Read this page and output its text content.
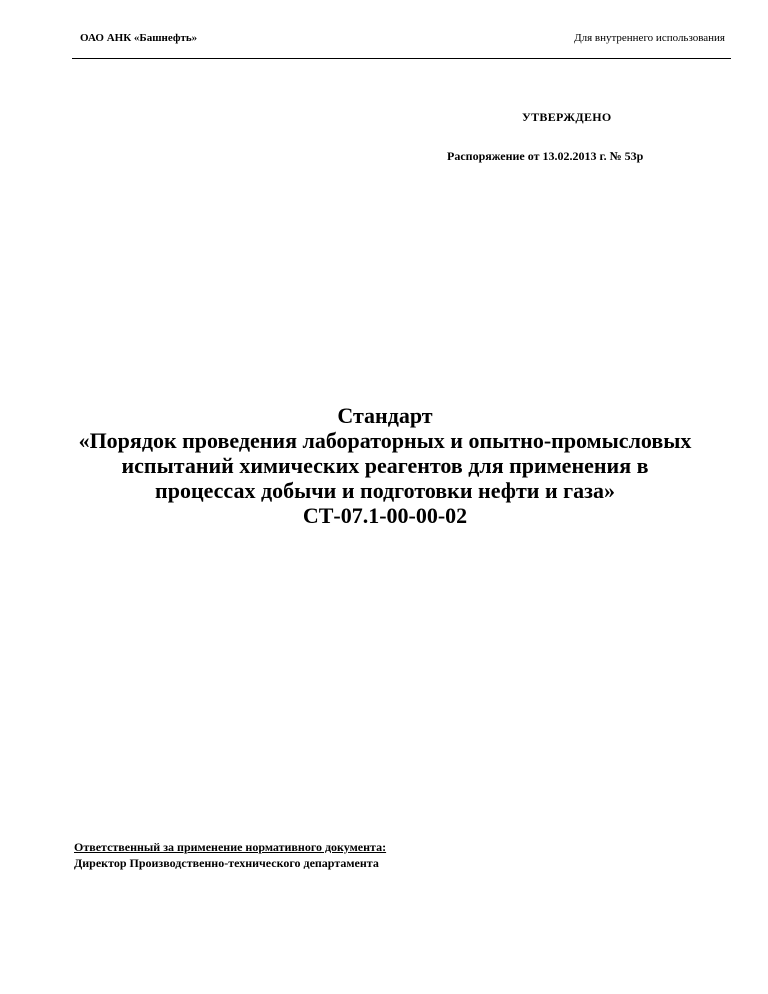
ОАО АНК «Башнефть»	Для внутреннего использования
УТВЕРЖДЕНО
Распоряжение от 13.02.2013 г. № 53р
Стандарт
«Порядок проведения лабораторных и опытно-промысловых
испытаний химических реагентов для применения в
процессах добычи и подготовки нефти и газа»
СТ-07.1-00-00-02
Ответственный за применение нормативного документа:
Директор Производственно-технического департамента
